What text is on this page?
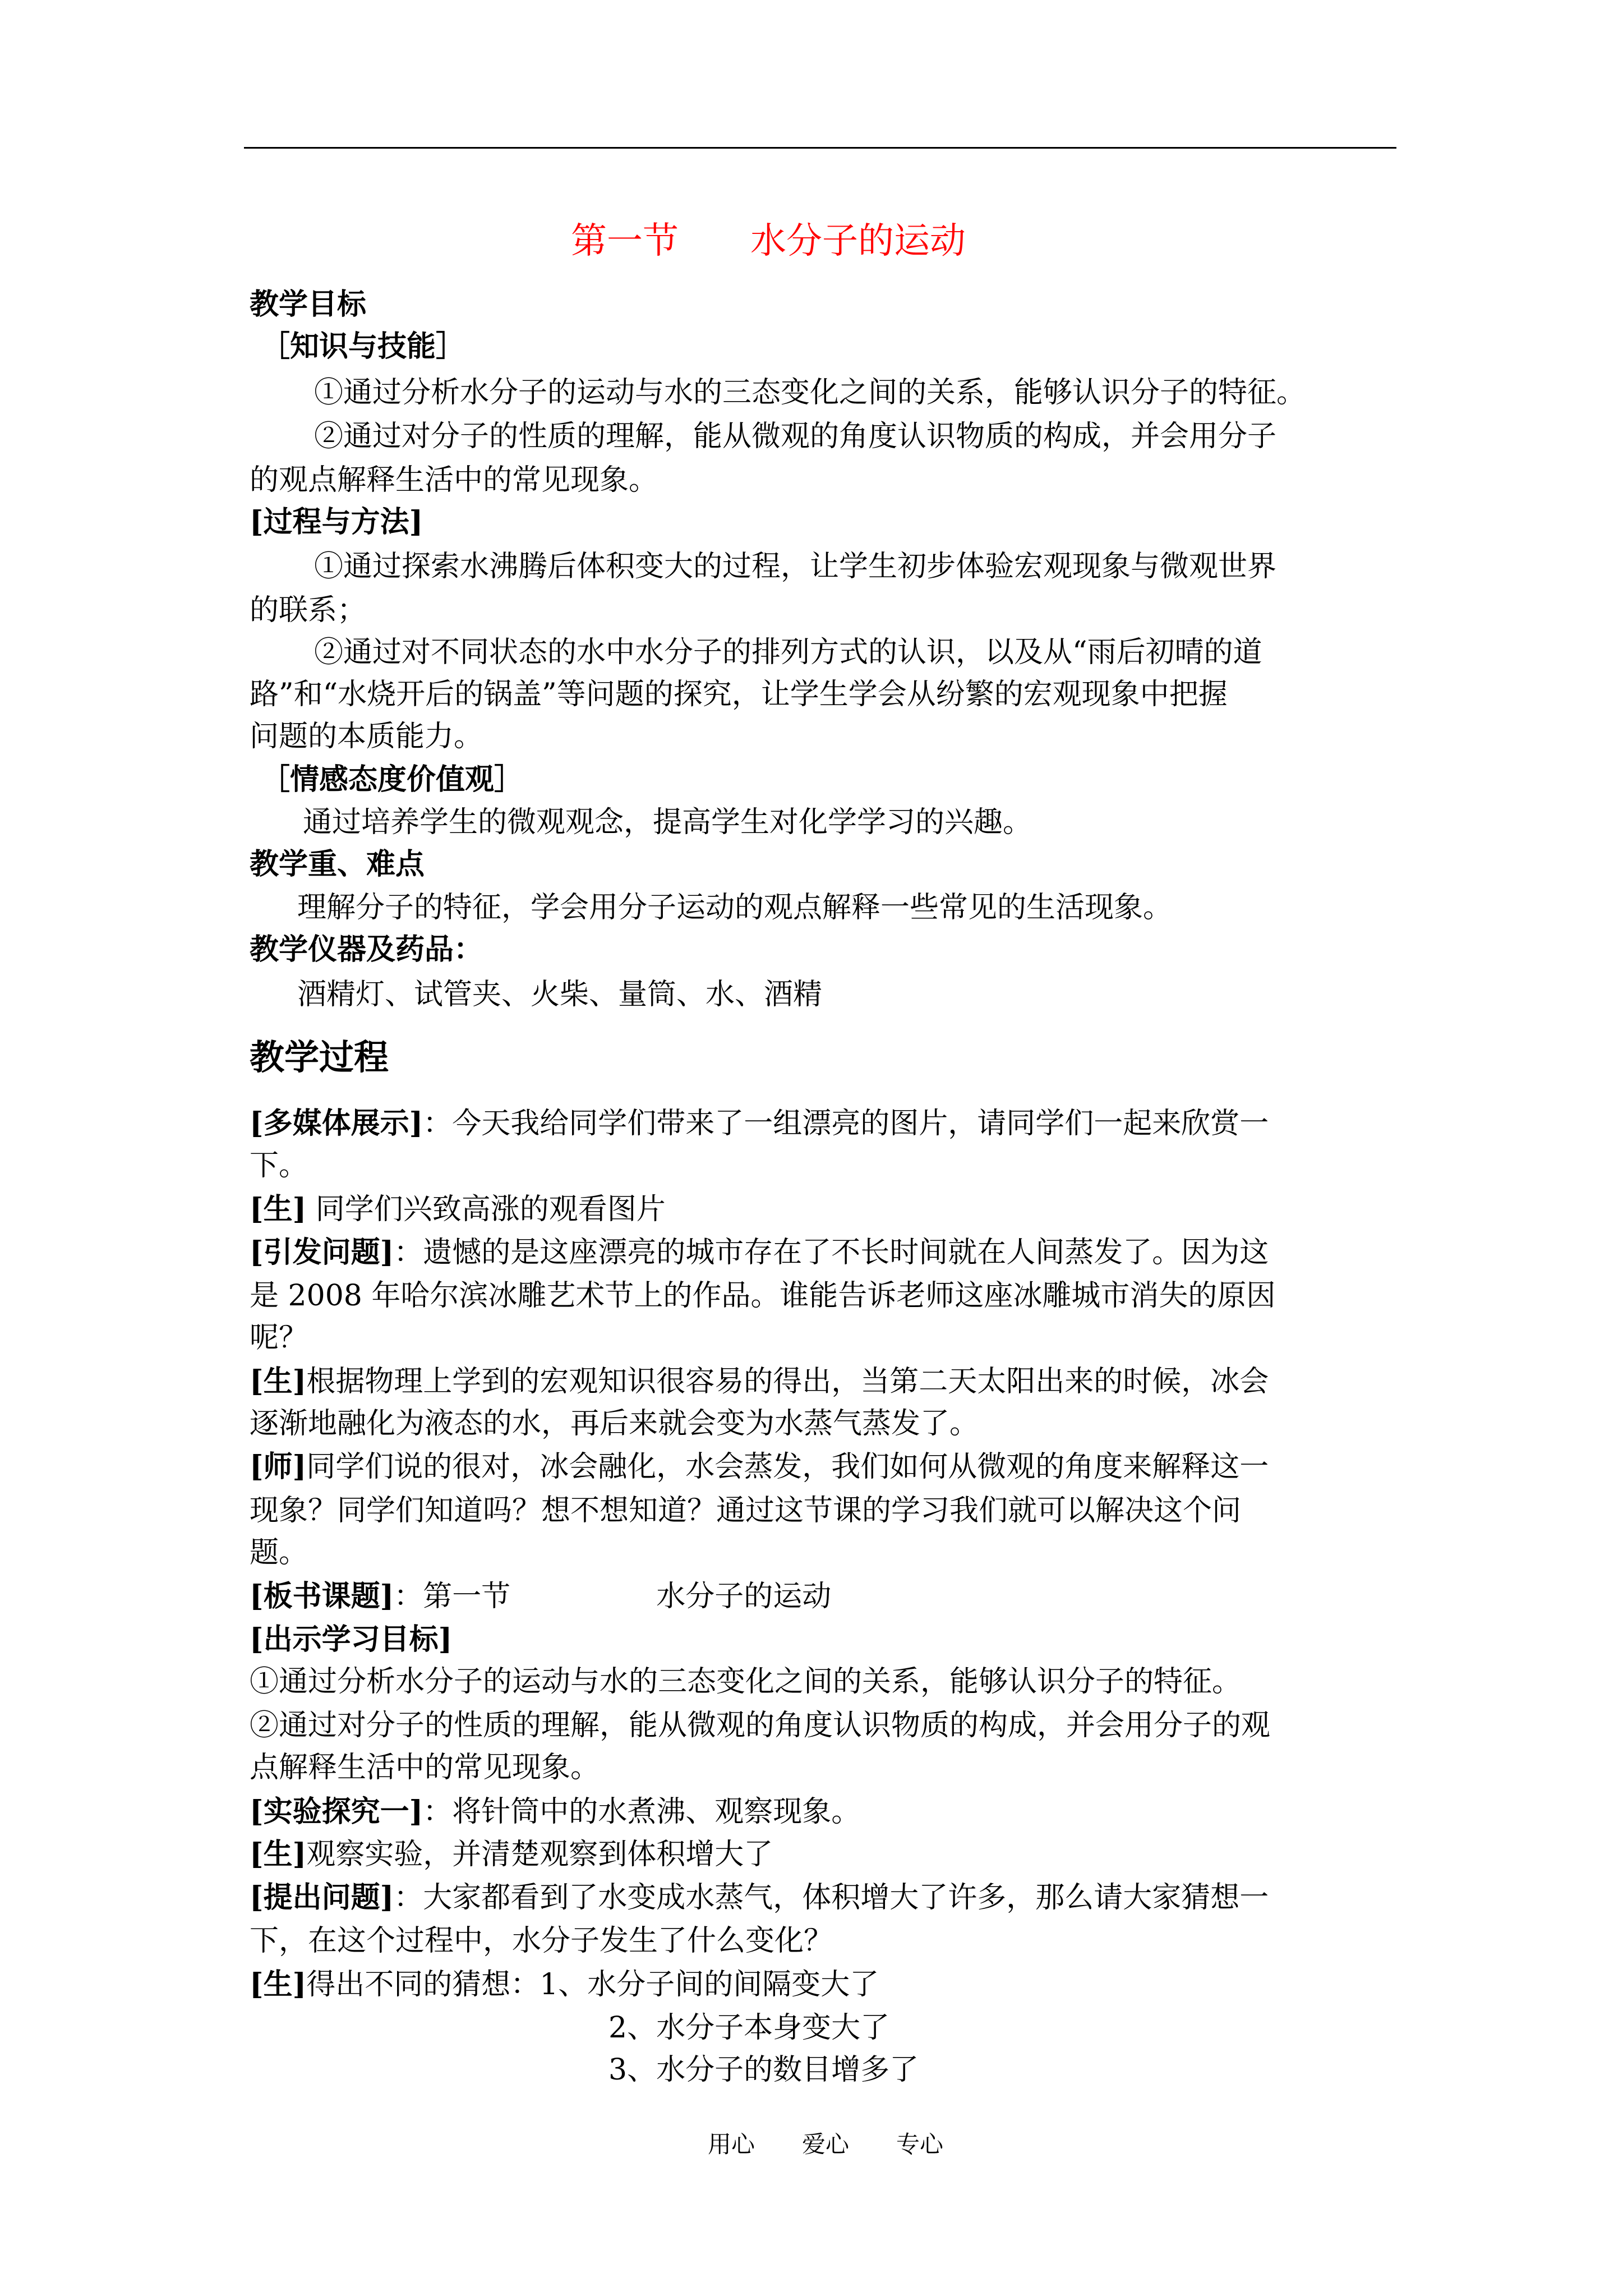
第一节　　水分子的运动
教学目标
［知识与技能］
①通过分析水分子的运动与水的三态变化之间的关系，能够认识分子的特征。
②通过对分子的性质的理解，能从微观的角度认识物质的构成，并会用分子
的观点解释生活中的常见现象。
[过程与方法]
①通过探索水沸腾后体积变大的过程，让学生初步体验宏观现象与微观世界
的联系；
②通过对不同状态的水中水分子的排列方式的认识，以及从“雨后初晴的道
路”和“水烧开后的锅盖”等问题的探究，让学生学会从纷繁的宏观现象中把握
问题的本质能力。
［情感态度价值观］
通过培养学生的微观观念，提高学生对化学学习的兴趣。
教学重、难点
理解分子的特征，学会用分子运动的观点解释一些常见的生活现象。
教学仪器及药品：
酒精灯、试管夹、火柴、量筒、水、酒精
教学过程
[多媒体展示]：今天我给同学们带来了一组漂亮的图片，请同学们一起来欣赏一
下。
[生] 同学们兴致高涨的观看图片
[引发问题]：遗憾的是这座漂亮的城市存在了不长时间就在人间蒸发了。因为这
是 2008 年哈尔滨冰雕艺术节上的作品。谁能告诉老师这座冰雕城市消失的原因
呢？
[生]根据物理上学到的宏观知识很容易的得出，当第二天太阳出来的时候，冰会
逐渐地融化为液态的水，再后来就会变为水蒸气蒸发了。
[师]同学们说的很对，冰会融化，水会蒸发，我们如何从微观的角度来解释这一
现象？同学们知道吗？想不想知道？通过这节课的学习我们就可以解决这个问
题。
[板书课题]：第一节　　　　　水分子的运动
[出示学习目标]
①通过分析水分子的运动与水的三态变化之间的关系，能够认识分子的特征。
②通过对分子的性质的理解，能从微观的角度认识物质的构成，并会用分子的观
点解释生活中的常见现象。
[实验探究一]：将针筒中的水煮沸、观察现象。
[生]观察实验，并清楚观察到体积增大了
[提出问题]：大家都看到了水变成水蒸气，体积增大了许多，那么请大家猜想一
下，在这个过程中，水分子发生了什么变化？
[生]得出不同的猜想：1、水分子间的间隔变大了
2、水分子本身变大了
3、水分子的数目增多了
用心　　爱心　　专心
